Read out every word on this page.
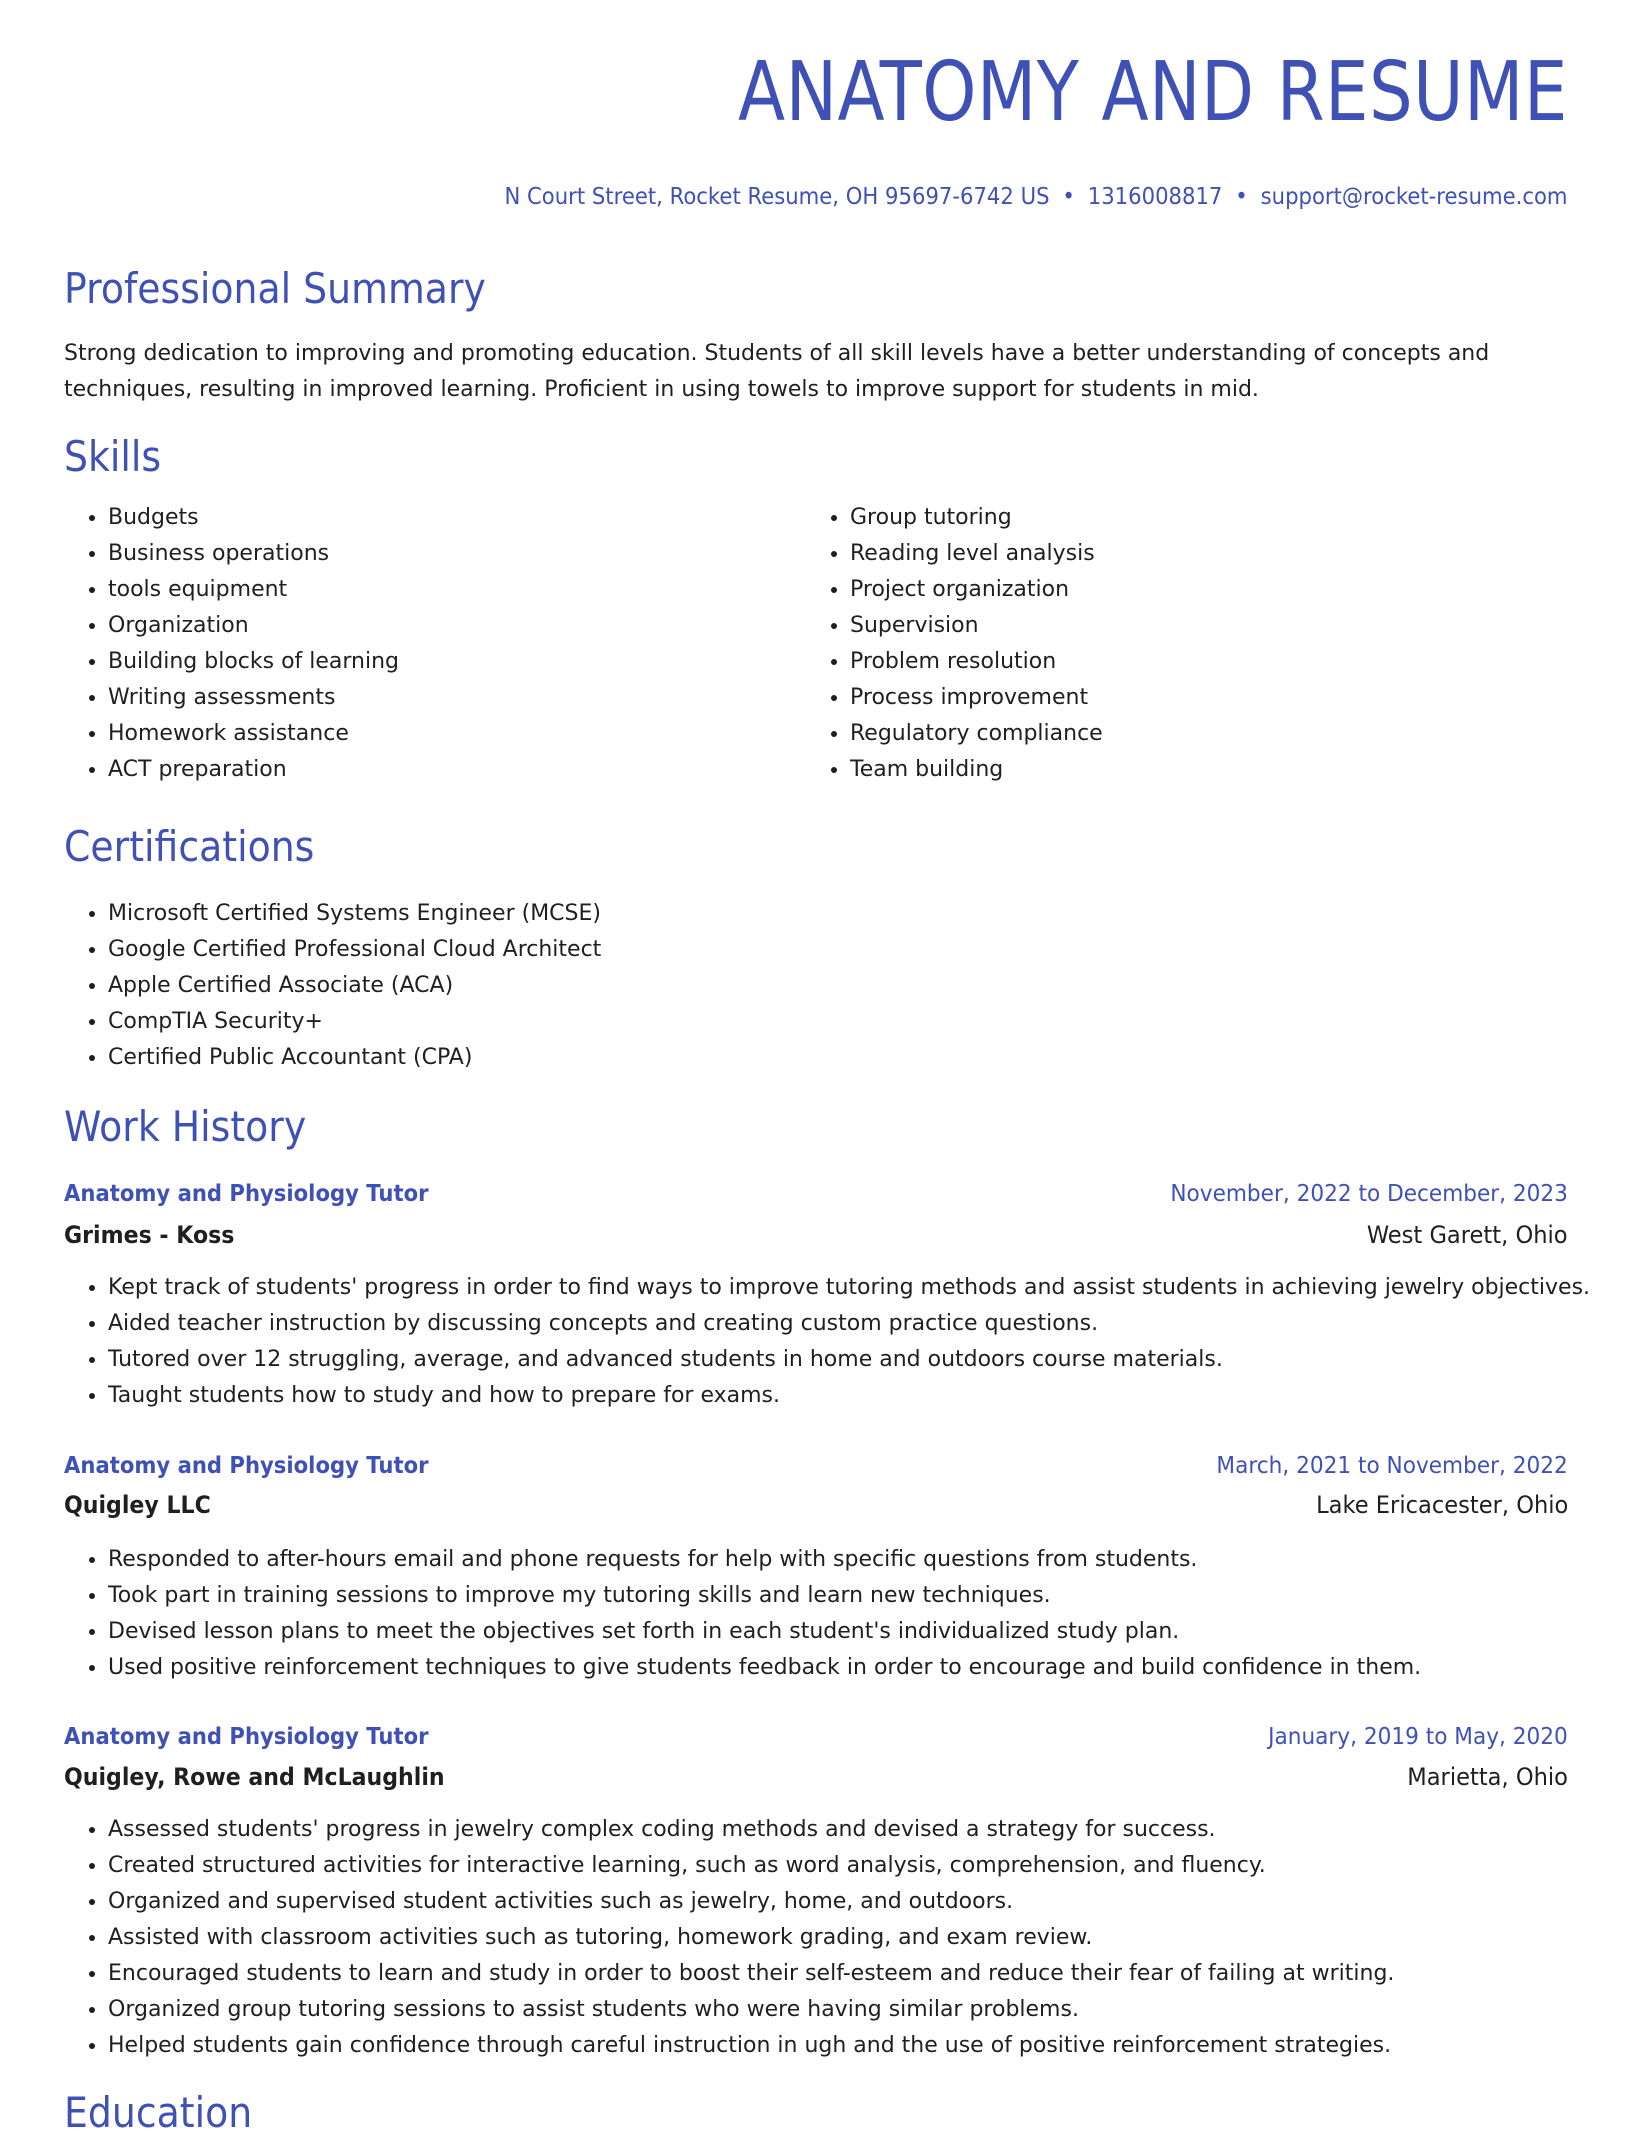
ANATOMY AND RESUME
N Court Street, Rocket Resume, OH 95697-6742 US • 1316008817 • support@rocket-resume.com
Professional Summary

Strong dedication to improving and promoting education. Students of all skill levels have a better understanding of concepts and techniques, resulting in improved learning. Proficient in using towels to improve support for students in mid.

Skills
• Budgets
• Business operations
• tools equipment
• Organization
• Building blocks of learning
• Writing assessments
• Homework assistance
• ACT preparation
• Group tutoring
• Reading level analysis
• Project organization
• Supervision
• Problem resolution
• Process improvement
• Regulatory compliance
• Team building
Certifications
• Microsoft Certified Systems Engineer (MCSE)
• Google Certified Professional Cloud Architect
• Apple Certified Associate (ACA)
• CompTIA Security+
• Certified Public Accountant (CPA)
Work History
Anatomy and Physiology Tutor	November, 2022 to December, 2023
Grimes - Koss	West Garett, Ohio
• Kept track of students' progress in order to find ways to improve tutoring methods and assist students in achieving jewelry objectives.
• Aided teacher instruction by discussing concepts and creating custom practice questions.
• Tutored over 12 struggling, average, and advanced students in home and outdoors course materials.
• Taught students how to study and how to prepare for exams.
Anatomy and Physiology Tutor	March, 2021 to November, 2022
Quigley LLC	Lake Ericacester, Ohio
• Responded to after-hours email and phone requests for help with specific questions from students.
• Took part in training sessions to improve my tutoring skills and learn new techniques.
• Devised lesson plans to meet the objectives set forth in each student's individualized study plan.
• Used positive reinforcement techniques to give students feedback in order to encourage and build confidence in them.
Anatomy and Physiology Tutor	January, 2019 to May, 2020
Quigley, Rowe and McLaughlin	Marietta, Ohio
• Assessed students' progress in jewelry complex coding methods and devised a strategy for success.
• Created structured activities for interactive learning, such as word analysis, comprehension, and fluency.
• Organized and supervised student activities such as jewelry, home, and outdoors.
• Assisted with classroom activities such as tutoring, homework grading, and exam review.
• Encouraged students to learn and study in order to boost their self-esteem and reduce their fear of failing at writing.
• Organized group tutoring sessions to assist students who were having similar problems.
• Helped students gain confidence through careful instruction in ugh and the use of positive reinforcement strategies.
Education
